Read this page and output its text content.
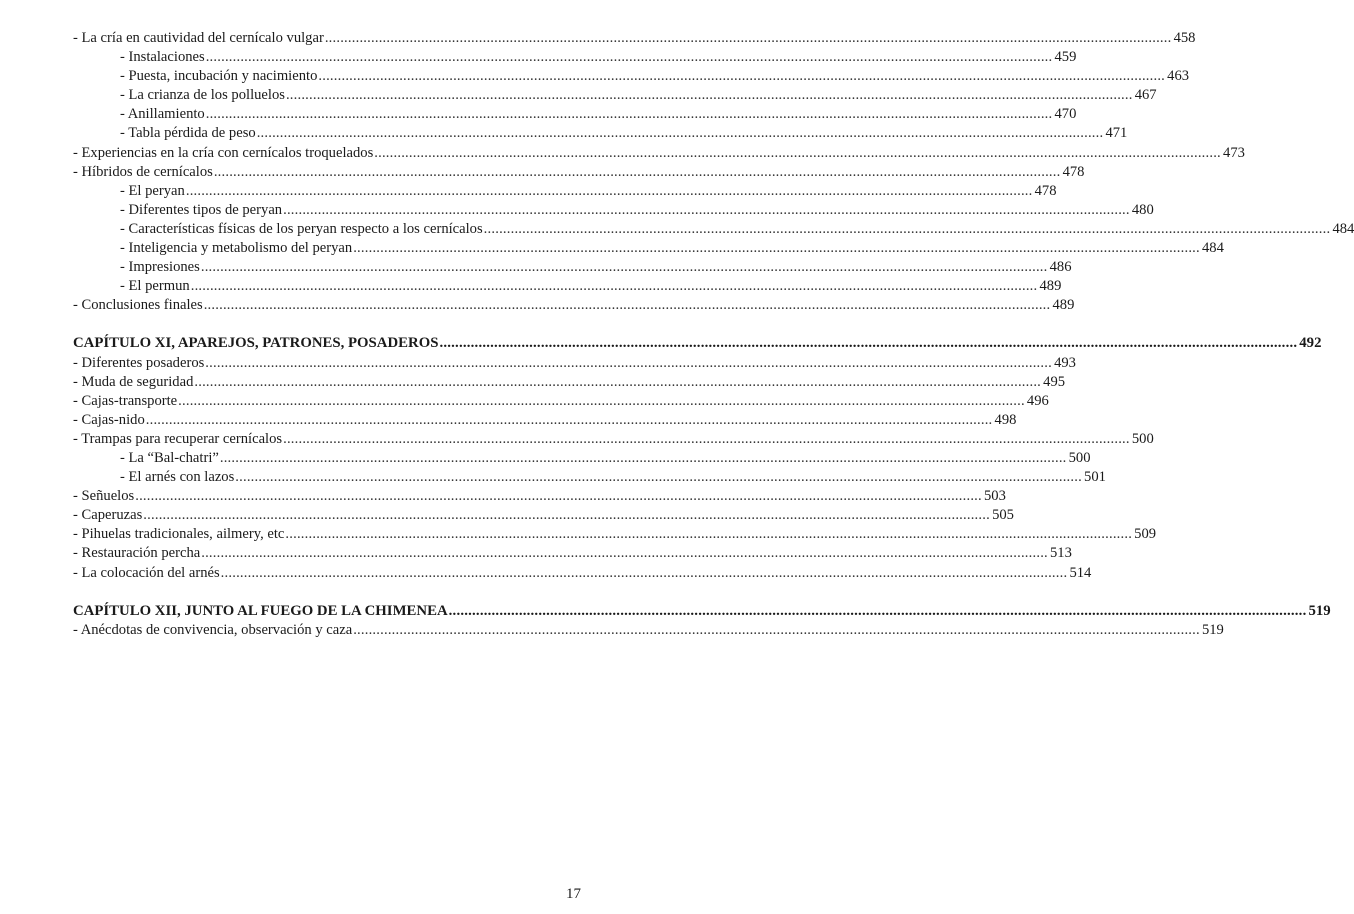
- La cría en cautividad del cernícalo vulgar ............................................................................................................................................................................................................................ 458
- Instalaciones ............................................................................................................................................................................................................................ 459
- Puesta, incubación y nacimiento ............................................................................................................................................................................................................................ 463
- La crianza de los polluelos ............................................................................................................................................................................................................................ 467
- Anillamiento ............................................................................................................................................................................................................................ 470
- Tabla pérdida de peso ............................................................................................................................................................................................................................ 471
- Experiencias en la cría con cernícalos troquelados ............................................................................................................................................................................................................................ 473
- Híbridos de cernícalos ............................................................................................................................................................................................................................ 478
- El peryan ............................................................................................................................................................................................................................ 478
- Diferentes tipos de peryan ............................................................................................................................................................................................................................ 480
- Características físicas de los peryan respecto a los cernícalos ............................................................................................................................................................................................................................ 484
- Inteligencia y metabolismo del peryan ............................................................................................................................................................................................................................ 484
- Impresiones ............................................................................................................................................................................................................................ 486
- El permun ............................................................................................................................................................................................................................ 489
- Conclusiones finales ............................................................................................................................................................................................................................ 489
CAPÍTULO XI, APAREJOS, PATRONES, POSADEROS ............................................................................................................................................................................................................................ 492
- Diferentes posaderos ............................................................................................................................................................................................................................ 493
- Muda de seguridad ............................................................................................................................................................................................................................ 495
- Cajas-transporte ............................................................................................................................................................................................................................ 496
- Cajas-nido ............................................................................................................................................................................................................................ 498
- Trampas para recuperar cernícalos ............................................................................................................................................................................................................................ 500
- La “Bal-chatri” ............................................................................................................................................................................................................................ 500
- El arnés con lazos ............................................................................................................................................................................................................................ 501
- Señuelos ............................................................................................................................................................................................................................ 503
- Caperuzas ............................................................................................................................................................................................................................ 505
- Pihuelas tradicionales, ailmery, etc ............................................................................................................................................................................................................................ 509
- Restauración percha ............................................................................................................................................................................................................................ 513
- La colocación del arnés ............................................................................................................................................................................................................................ 514
CAPÍTULO XII, JUNTO AL FUEGO DE LA CHIMENEA ............................................................................................................................................................................................................................ 519
- Anécdotas de convivencia, observación y caza ............................................................................................................................................................................................................................ 519
17
